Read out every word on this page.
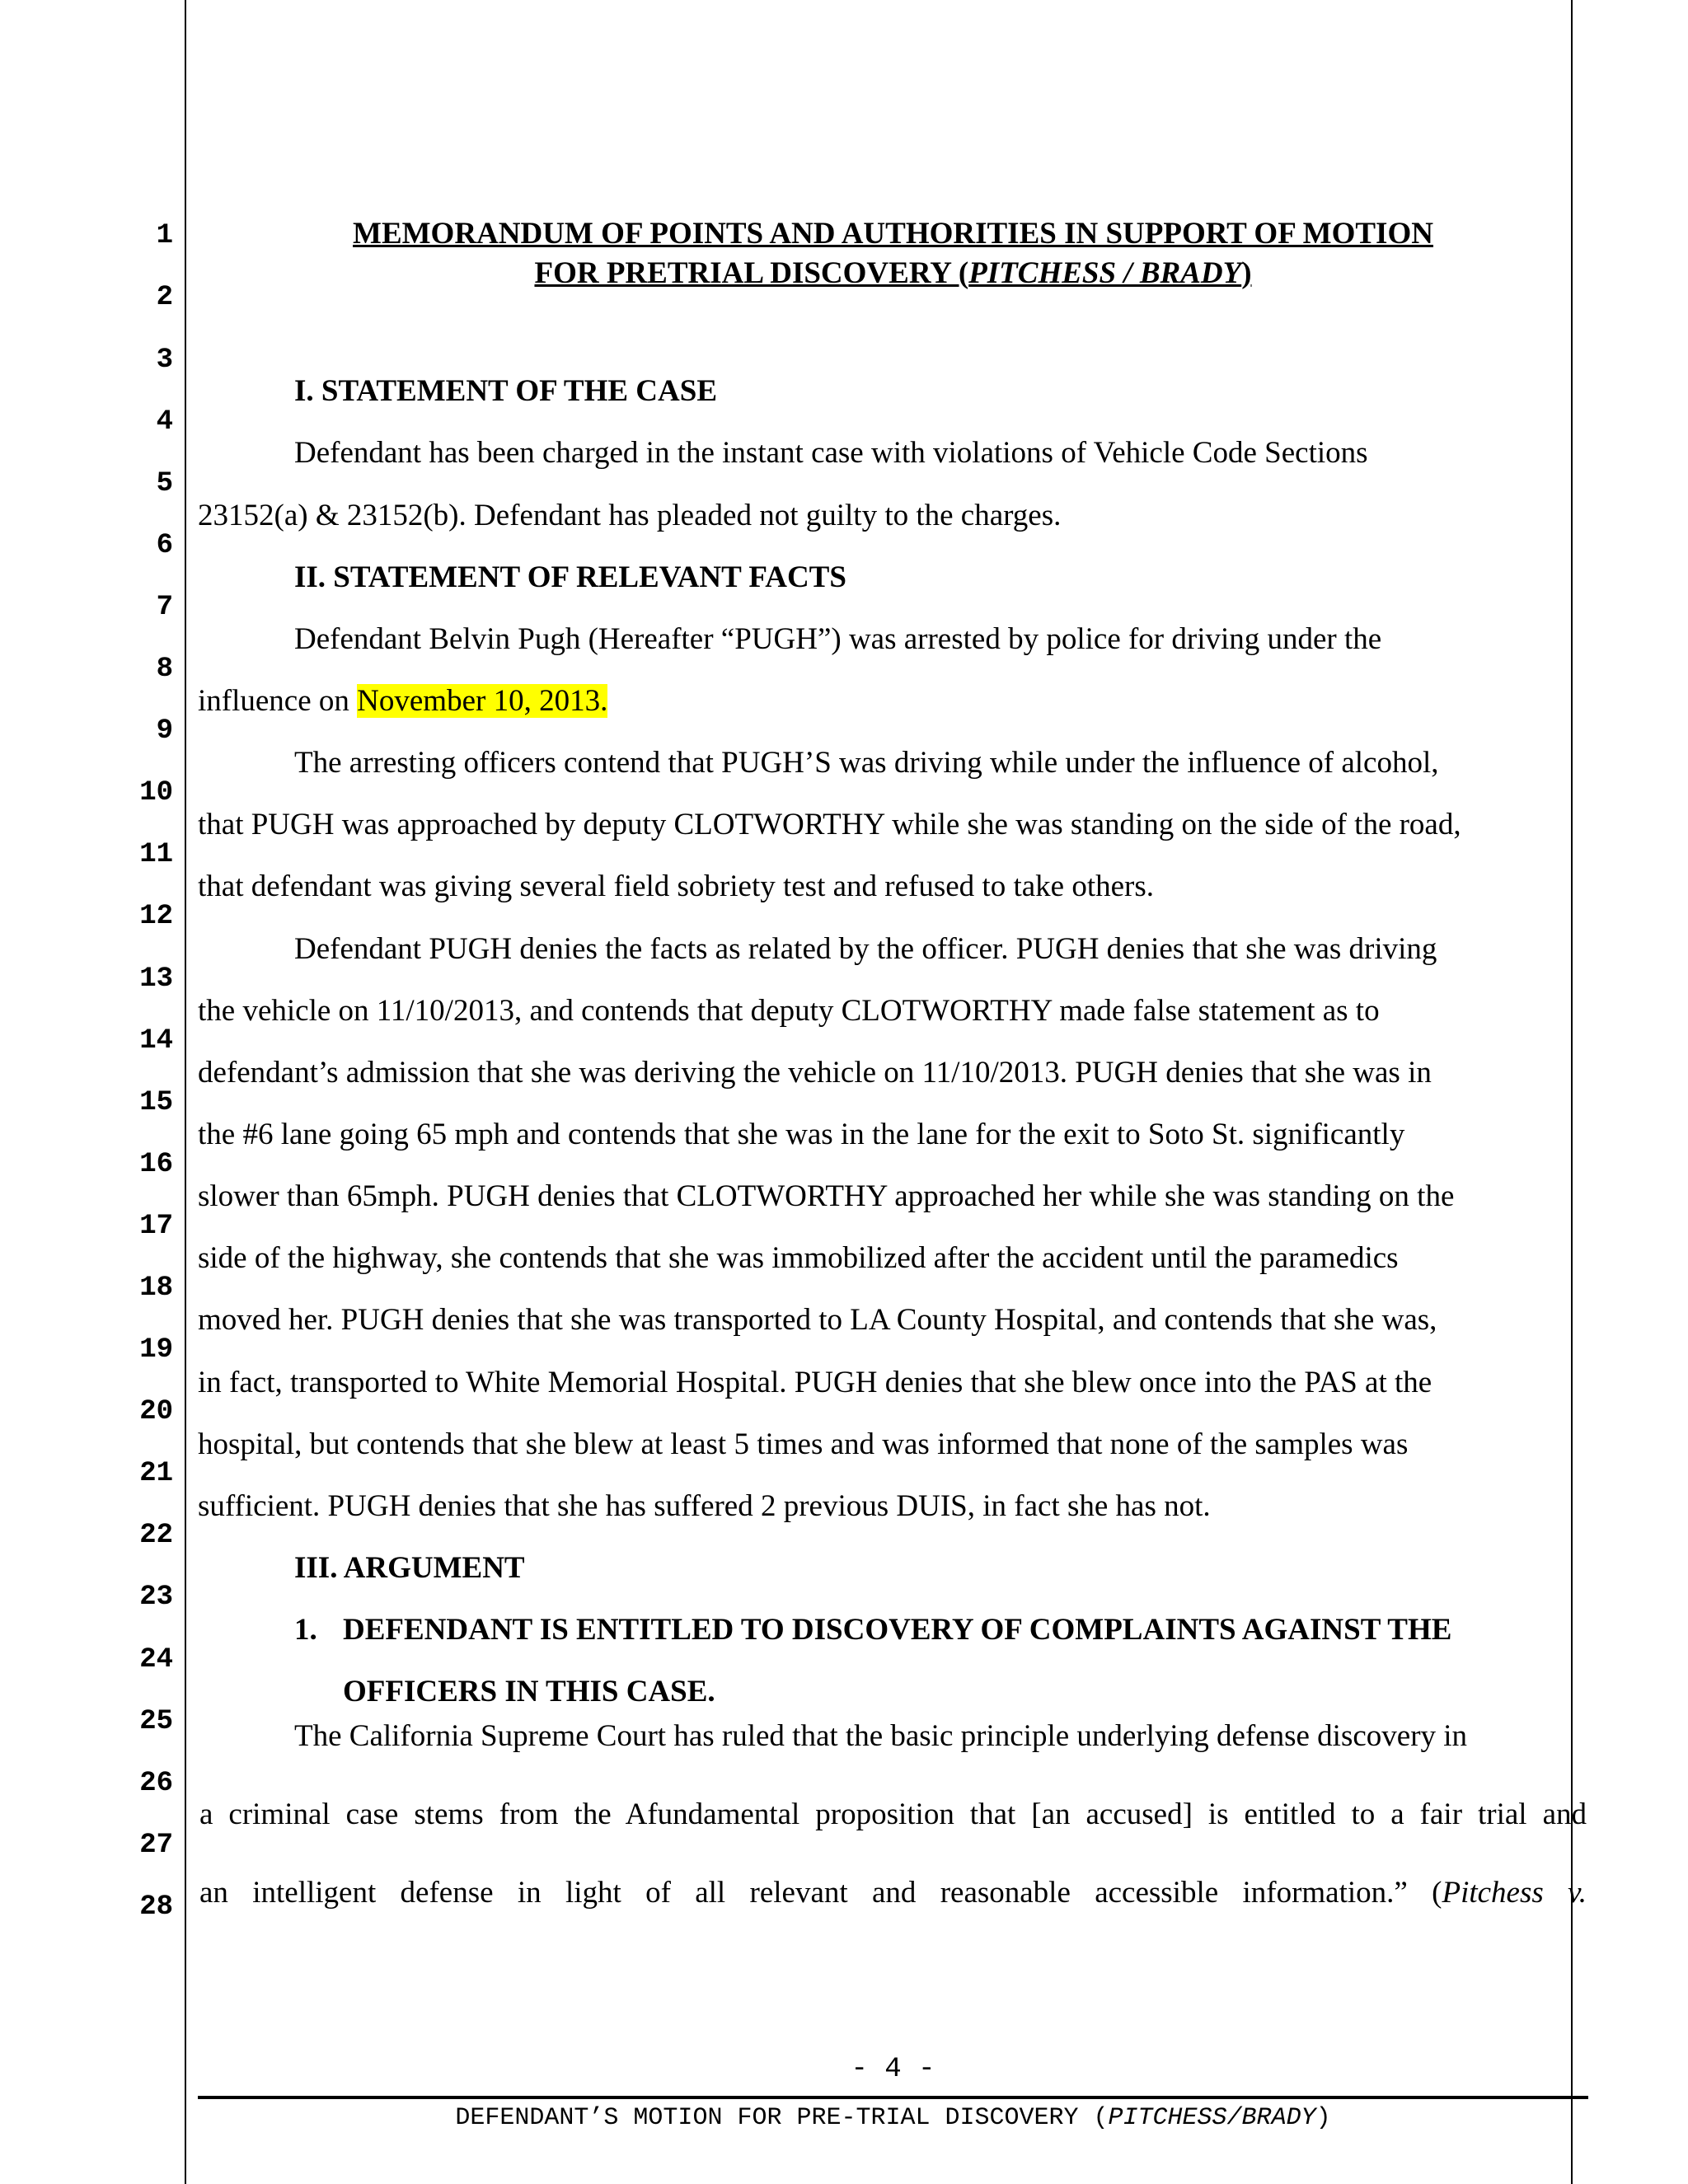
1
2
3
4
5
6
7
8
9
10
11
12
13
14
15
16
17
18
19
20
21
22
23
24
25
26
27
28
MEMORANDUM OF POINTS AND AUTHORITIES IN SUPPORT OF MOTION
FOR PRETRIAL DISCOVERY (PITCHESS / BRADY)
I. STATEMENT OF THE CASE
Defendant has been charged in the instant case with violations of Vehicle Code Sections
23152(a) & 23152(b). Defendant has pleaded not guilty to the charges.
II. STATEMENT OF RELEVANT FACTS
Defendant Belvin Pugh (Hereafter “PUGH”) was arrested by police for driving under the
influence on November 10, 2013.
The arresting officers contend that PUGH’S was driving while under the influence of alcohol,
that PUGH was approached by deputy CLOTWORTHY while she was standing on the side of the road,
that defendant was giving several field sobriety test and refused to take others.
Defendant PUGH denies the facts as related by the officer. PUGH denies that she was driving
the vehicle on 11/10/2013, and contends that deputy CLOTWORTHY made false statement as to
defendant’s admission that she was deriving the vehicle on 11/10/2013. PUGH denies that she was in
the #6 lane going 65 mph and contends that she was in the lane for the exit to Soto St. significantly
slower than 65mph. PUGH denies that CLOTWORTHY approached her while she was standing on the
side of the highway, she contends that she was immobilized after the accident until the paramedics
moved her. PUGH denies that she was transported to LA County Hospital, and contends that she was,
in fact, transported to White Memorial Hospital. PUGH denies that she blew once into the PAS at the
hospital, but contends that she blew at least 5 times and was informed that none of the samples was
sufficient. PUGH denies that she has suffered 2 previous DUIS, in fact she has not.
III. ARGUMENT
1. DEFENDANT IS ENTITLED TO DISCOVERY OF COMPLAINTS AGAINST THE
OFFICERS IN THIS CASE.
The California Supreme Court has ruled that the basic principle underlying defense discovery in
a criminal case stems from the Afundamental proposition that [an accused] is entitled to a fair trial and
an intelligent defense in light of all relevant and reasonable accessible information.” (Pitchess v.
- 4 -
DEFENDANT’S MOTION FOR PRE-TRIAL DISCOVERY (PITCHESS/BRADY)
